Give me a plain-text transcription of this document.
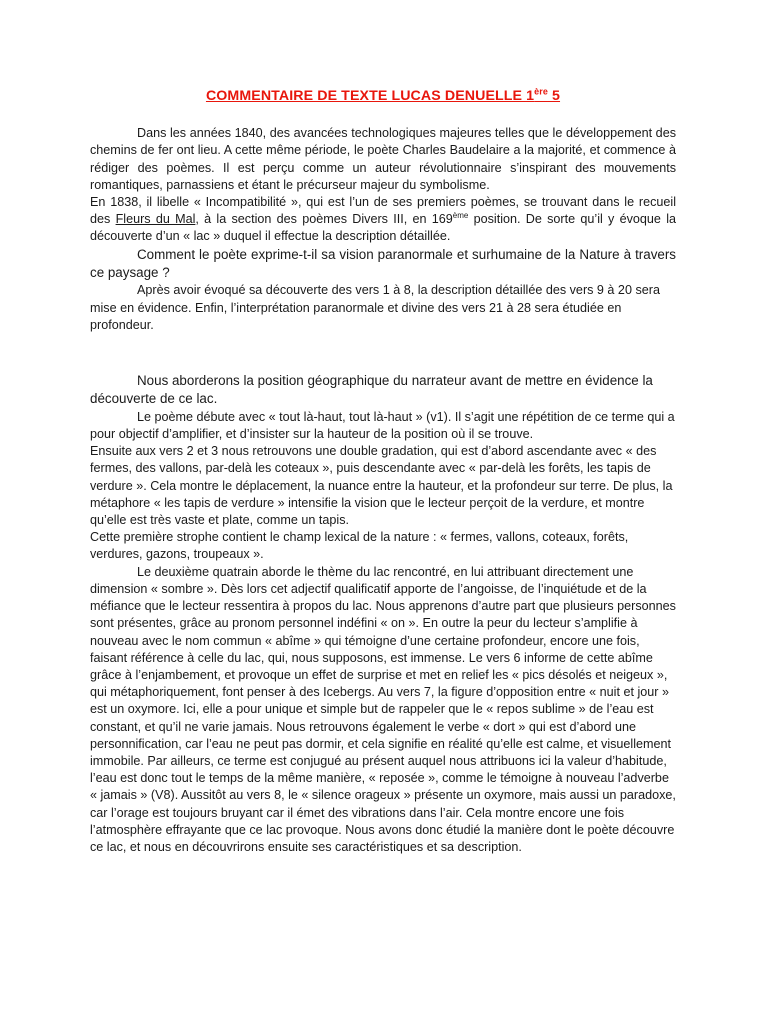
COMMENTAIRE DE TEXTE LUCAS DENUELLE 1ère 5

Dans les années 1840, des avancées technologiques majeures telles que le développement des chemins de fer ont lieu. A cette même période, le poète Charles Baudelaire a la majorité, et commence à rédiger des poèmes. Il est perçu comme un auteur révolutionnaire s’inspirant des mouvements romantiques, parnassiens et étant le précurseur majeur du symbolisme.

En 1838, il libelle « Incompatibilité », qui est l’un de ses premiers poèmes, se trouvant dans le recueil des Fleurs du Mal, à la section des poèmes Divers III, en 169ème position. De sorte qu’il y évoque la découverte d’un « lac » duquel il effectue la description détaillée.

Comment le poète exprime-t-il sa vision paranormale et surhumaine de la Nature à travers ce paysage ?

Après avoir évoqué sa découverte des vers 1 à 8, la description détaillée des vers 9 à 20 sera mise en évidence. Enfin, l’interprétation paranormale et divine des vers 21 à 28 sera étudiée en profondeur.

Nous aborderons la position géographique du narrateur avant de mettre en évidence la découverte de ce lac.

Le poème débute avec « tout là-haut, tout là-haut » (v1). Il s’agit une répétition de ce terme qui a pour objectif d’amplifier, et d’insister sur la hauteur de la position où il se trouve.

Ensuite aux vers 2 et 3 nous retrouvons une double gradation, qui est d’abord ascendante avec « des fermes, des vallons, par-delà les coteaux », puis descendante avec « par-delà les forêts, les tapis de verdure ». Cela montre le déplacement, la nuance entre la hauteur, et la profondeur sur terre. De plus, la métaphore « les tapis de verdure » intensifie la vision que le lecteur perçoit de la verdure, et montre qu’elle est très vaste et plate, comme un tapis.

Cette première strophe contient le champ lexical de la nature : « fermes, vallons, coteaux, forêts, verdures, gazons, troupeaux ».

Le deuxième quatrain aborde le thème du lac rencontré, en lui attribuant directement une dimension « sombre ». Dès lors cet adjectif qualificatif apporte de l’angoisse, de l’inquiétude et de la méfiance que le lecteur ressentira à propos du lac. Nous apprenons d’autre part que plusieurs personnes sont présentes, grâce au pronom personnel indéfini « on ». En outre la peur du lecteur s’amplifie à nouveau avec le nom commun « abîme » qui témoigne d’une certaine profondeur, encore une fois, faisant référence à celle du lac, qui, nous supposons, est immense. Le vers 6 informe de cette abîme grâce à l’enjambement, et provoque un effet de surprise et met en relief les « pics désolés et neigeux », qui métaphoriquement, font penser à des Icebergs. Au vers 7, la figure d’opposition entre « nuit et jour » est un oxymore. Ici, elle a pour unique et simple but de rappeler que le « repos sublime » de l’eau est constant, et qu’il ne varie jamais. Nous retrouvons également le verbe « dort » qui est d’abord une personnification, car l’eau ne peut pas dormir, et cela signifie en réalité qu’elle est calme, et visuellement immobile. Par ailleurs, ce terme est conjugué au présent auquel nous attribuons ici la valeur d’habitude, l’eau est donc tout le temps de la même manière, « reposée », comme le témoigne à nouveau l’adverbe « jamais » (V8). Aussitôt au vers 8, le « silence orageux » présente un oxymore, mais aussi un paradoxe, car l’orage est toujours bruyant car il émet des vibrations dans l’air. Cela montre encore une fois l’atmosphère effrayante que ce lac provoque. Nous avons donc étudié la manière dont le poète découvre ce lac, et nous en découvrirons ensuite ses caractéristiques et sa description.
